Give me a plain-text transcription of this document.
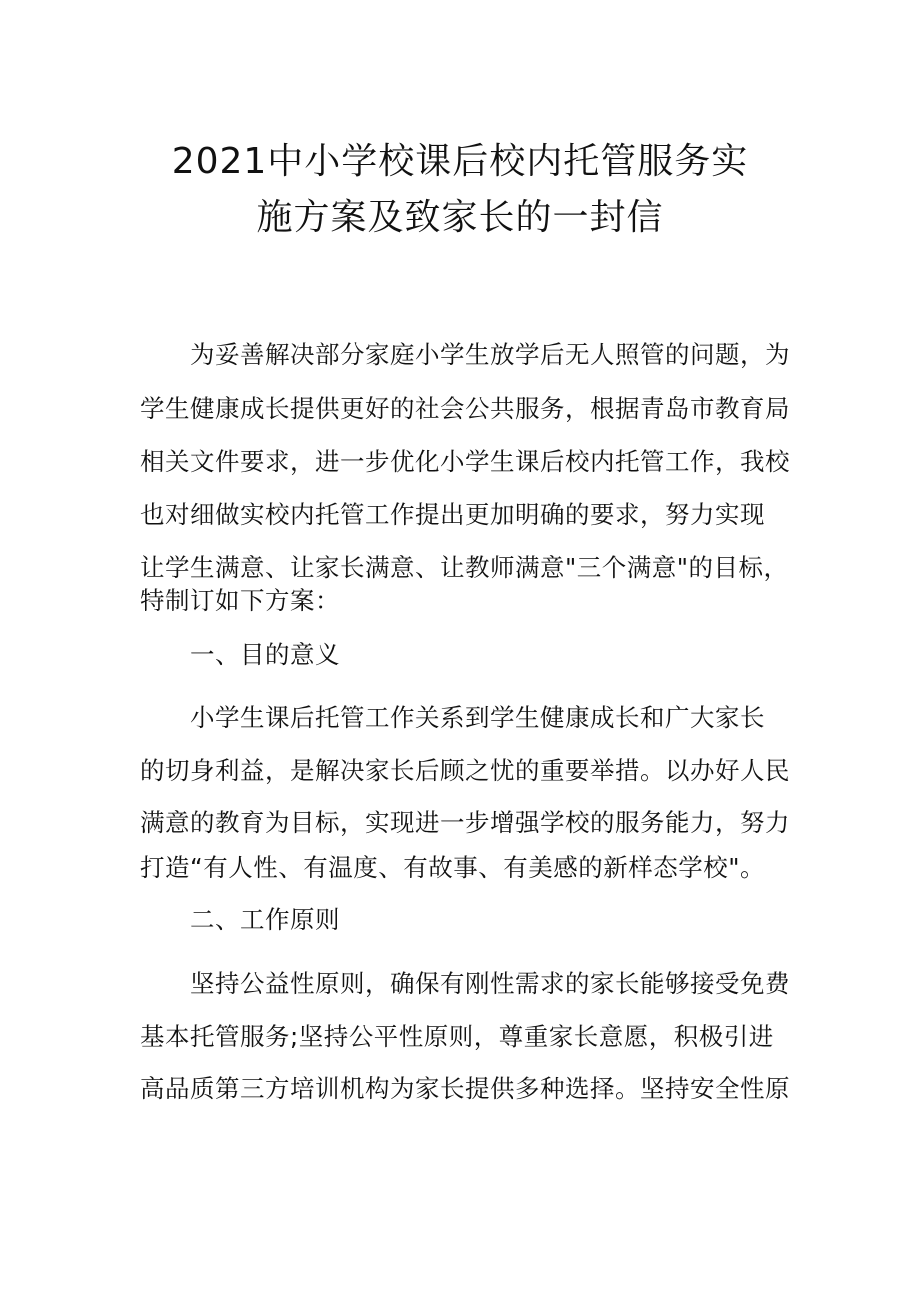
2021中小学校课后校内托管服务实
施方案及致家长的一封信
为妥善解决部分家庭小学生放学后无人照管的问题，为
学生健康成长提供更好的社会公共服务，根据青岛市教育局
相关文件要求，进一步优化小学生课后校内托管工作，我校
也对细做实校内托管工作提出更加明确的要求，努力实现
让学生满意、让家长满意、让教师满意"三个满意"的目标，
特制订如下方案：
一、目的意义
小学生课后托管工作关系到学生健康成长和广大家长
的切身利益，是解决家长后顾之忧的重要举措。以办好人民
满意的教育为目标，实现进一步增强学校的服务能力，努力
打造“有人性、有温度、有故事、有美感的新样态学校"。
二、工作原则
坚持公益性原则，确保有刚性需求的家长能够接受免费
基本托管服务;坚持公平性原则，尊重家长意愿，积极引进
高品质第三方培训机构为家长提供多种选择。坚持安全性原
